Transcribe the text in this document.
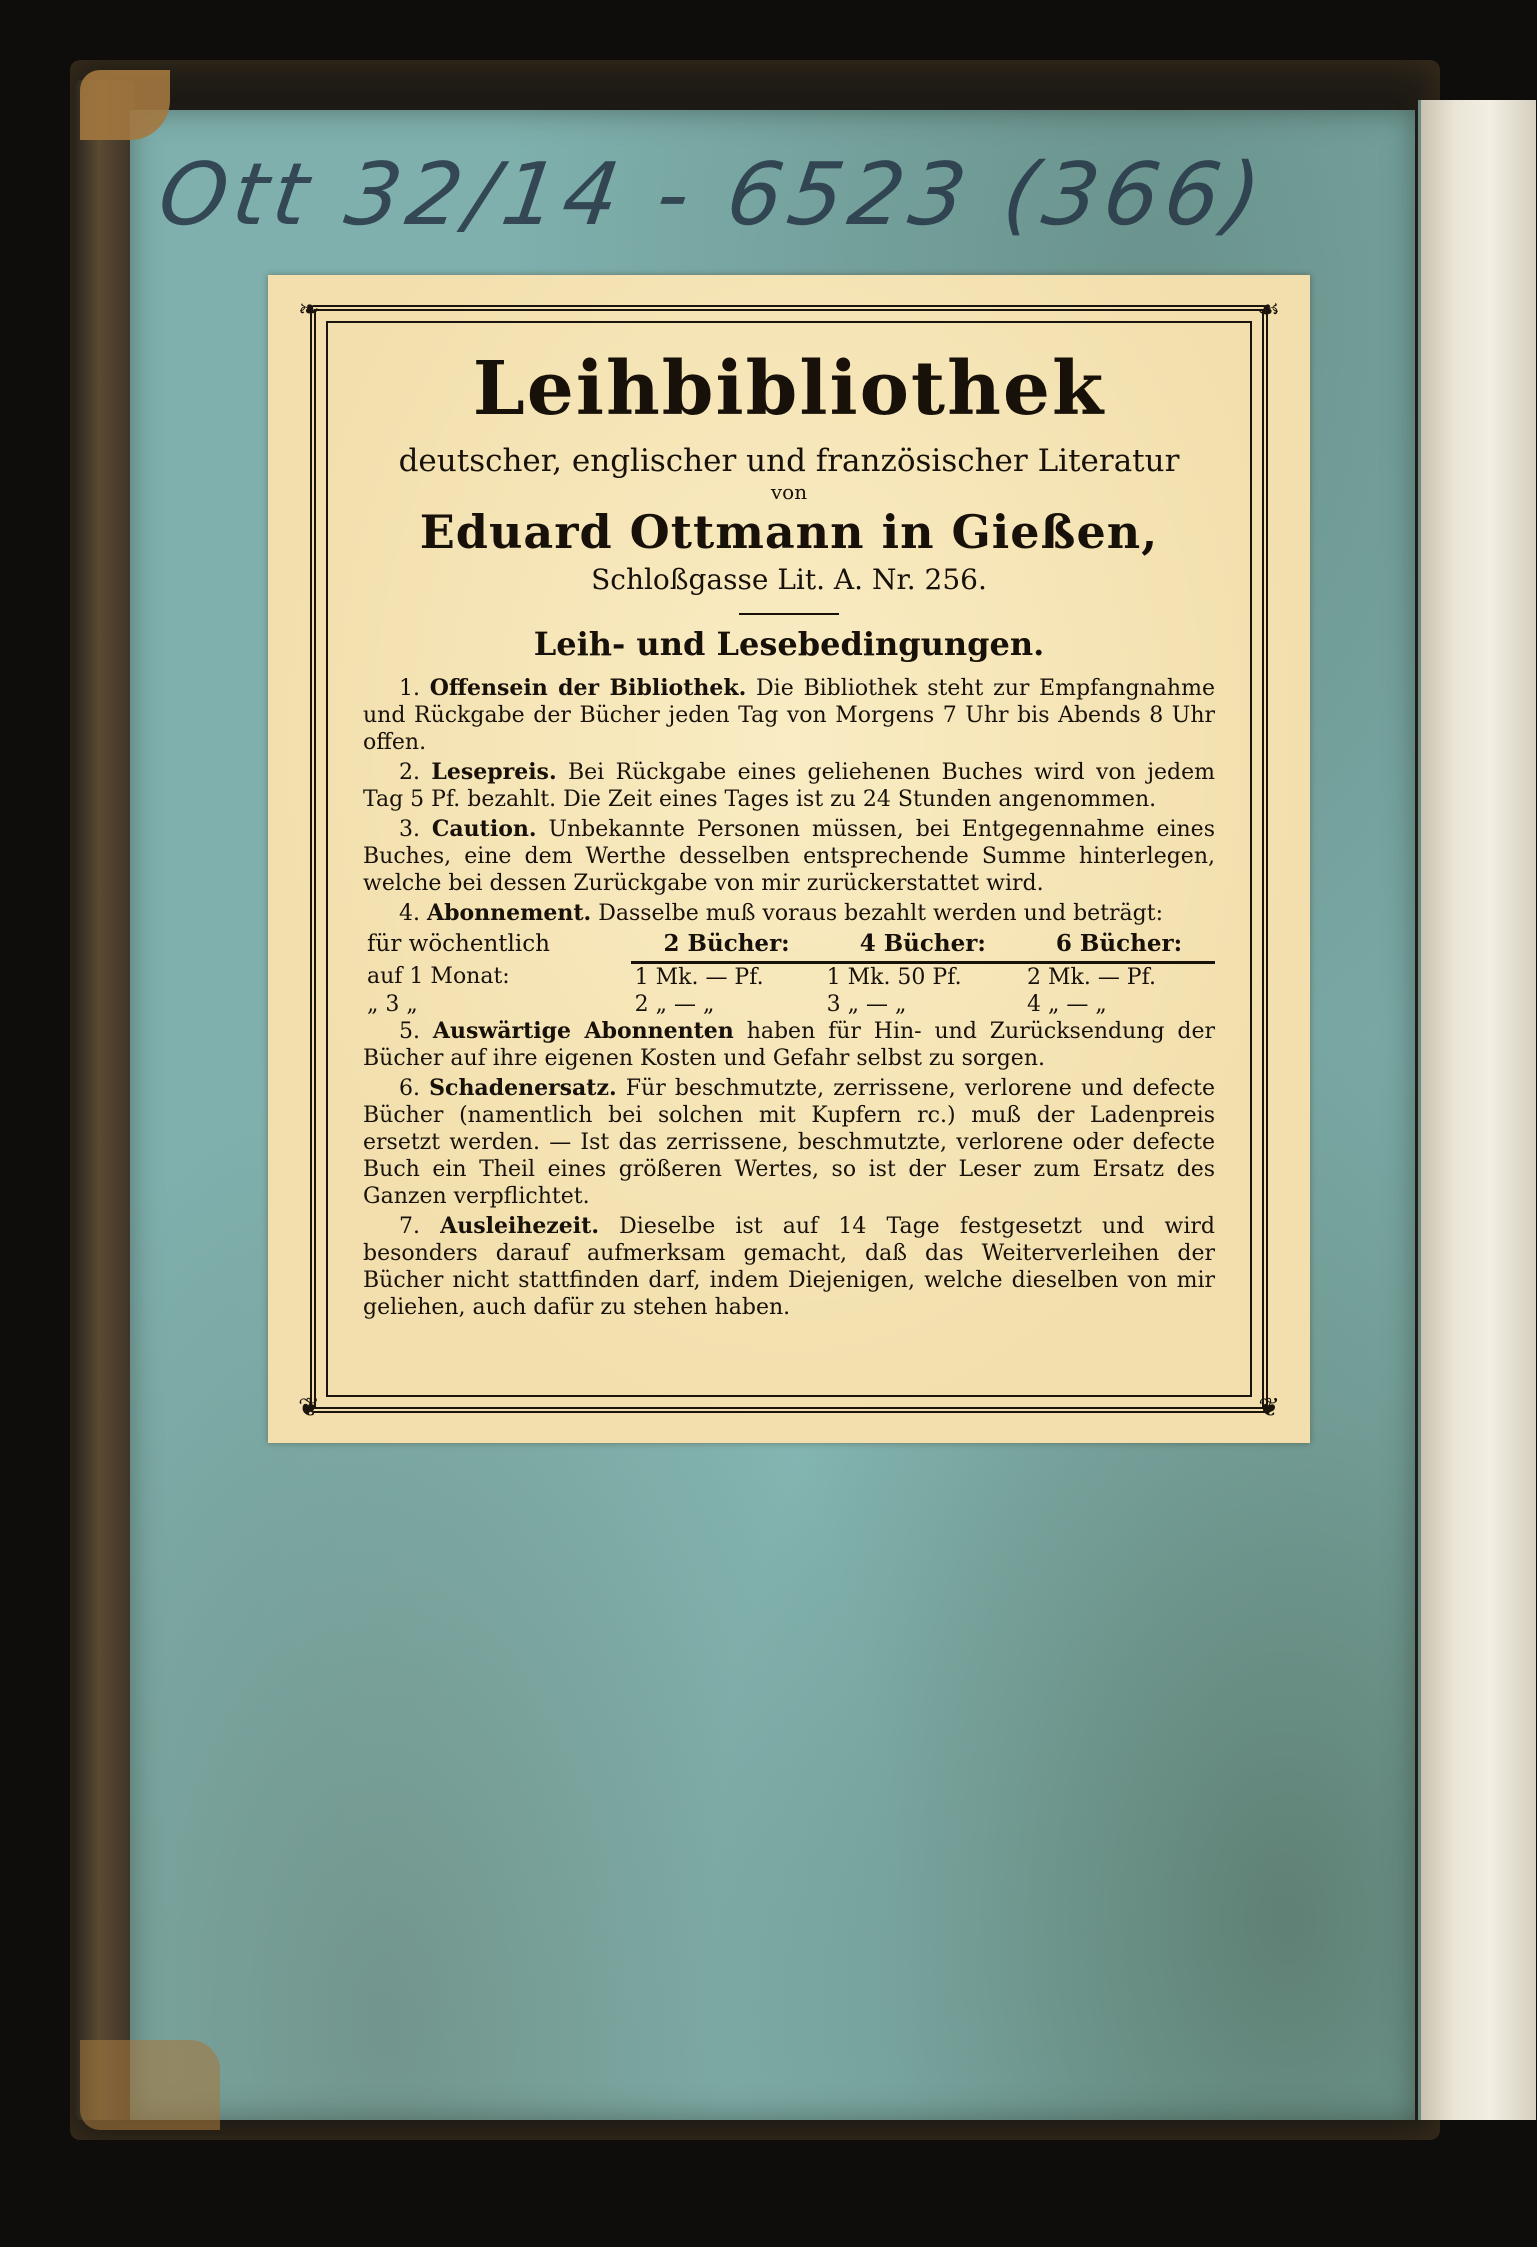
Ott 32/14 - 6523 (366)
❧	☙
❦	❦
Leihbibliothek
deutscher, englischer und französischer Literatur
von
Eduard Ottmann in Gießen,
Schloßgasse Lit. A. Nr. 256.
Leih- und Lesebedingungen.

1. Offensein der Bibliothek. Die Bibliothek steht zur Empfangnahme und Rückgabe der Bücher jeden Tag von Morgens 7 Uhr bis Abends 8 Uhr offen.

2. Lesepreis. Bei Rückgabe eines geliehenen Buches wird von jedem Tag 5 Pf. bezahlt. Die Zeit eines Tages ist zu 24 Stunden angenommen.

3. Caution. Unbekannte Personen müssen, bei Entgegennahme eines Buches, eine dem Werthe desselben entsprechende Summe hinterlegen, welche bei dessen Zurückgabe von mir zurückerstattet wird.

4. Abonnement. Dasselbe muß voraus bezahlt werden und beträgt:

für wöchentlich	2 Bücher:	4 Bücher:	6 Bücher:
auf 1 Monat:	1 Mk. — Pf.	1 Mk. 50 Pf.	2 Mk. — Pf.
„ 3 „	2 „ — „	3 „ — „	4 „ — „

5. Auswärtige Abonnenten haben für Hin- und Zurücksendung der Bücher auf ihre eigenen Kosten und Gefahr selbst zu sorgen.

6. Schadenersatz. Für beschmutzte, zerrissene, verlorene und defecte Bücher (namentlich bei solchen mit Kupfern rc.) muß der Ladenpreis ersetzt werden. — Ist das zerrissene, beschmutzte, verlorene oder defecte Buch ein Theil eines größeren Wertes, so ist der Leser zum Ersatz des Ganzen verpflichtet.

7. Ausleihezeit. Dieselbe ist auf 14 Tage festgesetzt und wird besonders darauf aufmerksam gemacht, daß das Weiterverleihen der Bücher nicht stattfinden darf, indem Diejenigen, welche dieselben von mir geliehen, auch dafür zu stehen haben.
